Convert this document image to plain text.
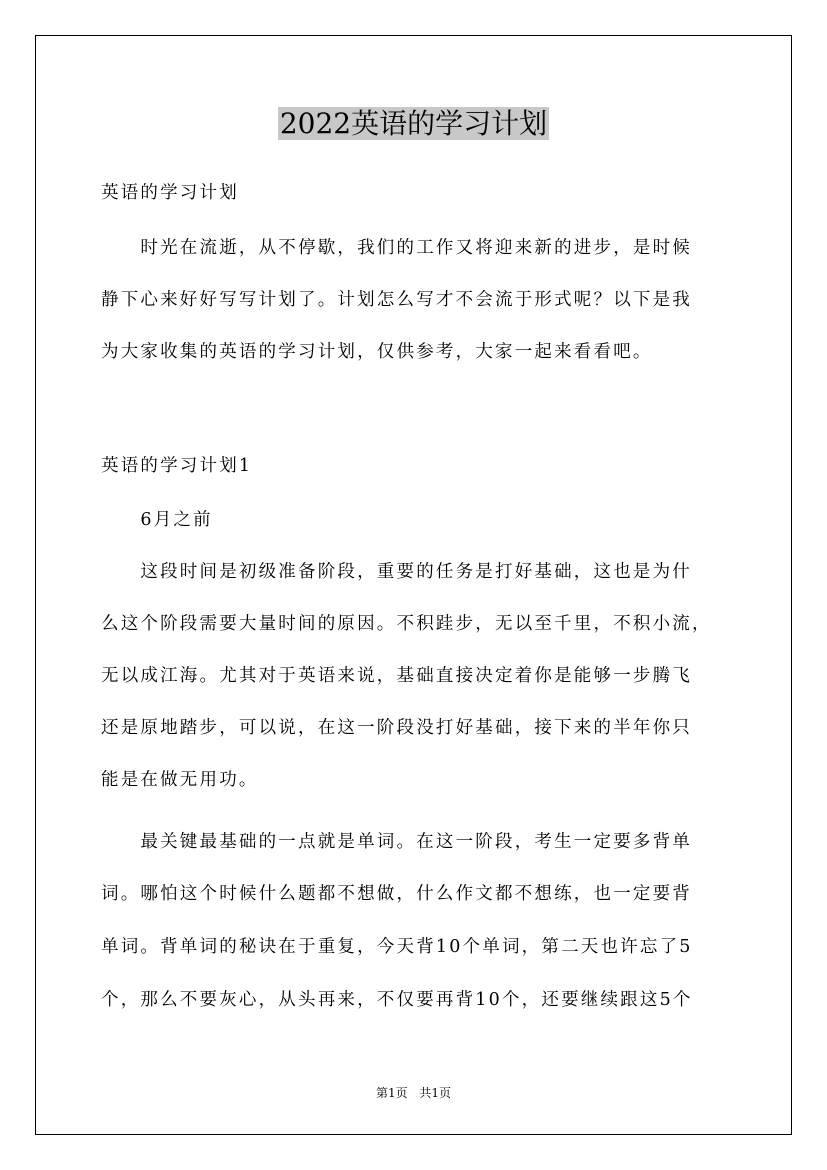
2022英语的学习计划

英语的学习计划

　　时光在流逝，从不停歇，我们的工作又将迎来新的进步，是时候

静下心来好好写写计划了。计划怎么写才不会流于形式呢？以下是我

为大家收集的英语的学习计划，仅供参考，大家一起来看看吧。

英语的学习计划1

　　6月之前

　　这段时间是初级准备阶段，重要的任务是打好基础，这也是为什

么这个阶段需要大量时间的原因。不积跬步，无以至千里，不积小流，

无以成江海。尤其对于英语来说，基础直接决定着你是能够一步腾飞

还是原地踏步，可以说，在这一阶段没打好基础，接下来的半年你只

能是在做无用功。

　　最关键最基础的一点就是单词。在这一阶段，考生一定要多背单

词。哪怕这个时候什么题都不想做，什么作文都不想练，也一定要背

单词。背单词的秘诀在于重复，今天背10个单词，第二天也许忘了5

个，那么不要灰心，从头再来，不仅要再背10个，还要继续跟这5个

第1页 共1页
